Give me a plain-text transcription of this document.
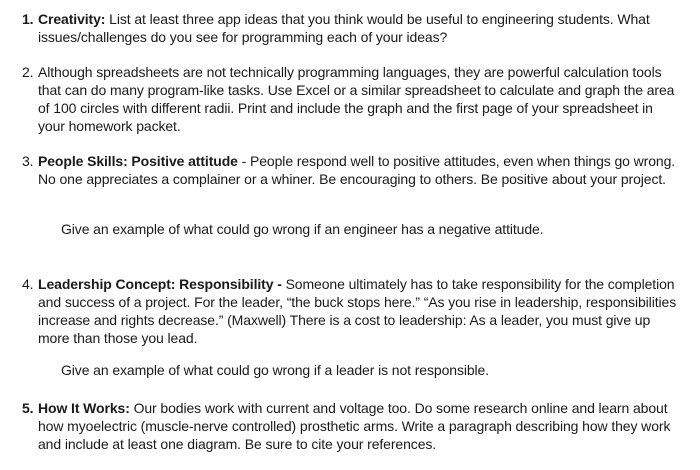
1. Creativity: List at least three app ideas that you think would be useful to engineering students. What issues/challenges do you see for programming each of your ideas?
2. Although spreadsheets are not technically programming languages, they are powerful calculation tools that can do many program-like tasks. Use Excel or a similar spreadsheet to calculate and graph the area of 100 circles with different radii. Print and include the graph and the first page of your spreadsheet in your homework packet.
3. People Skills: Positive attitude - People respond well to positive attitudes, even when things go wrong. No one appreciates a complainer or a whiner. Be encouraging to others. Be positive about your project.
Give an example of what could go wrong if an engineer has a negative attitude.
4. Leadership Concept: Responsibility - Someone ultimately has to take responsibility for the completion and success of a project. For the leader, “the buck stops here.” “As you rise in leadership, responsibilities increase and rights decrease.” (Maxwell) There is a cost to leadership: As a leader, you must give up more than those you lead.
Give an example of what could go wrong if a leader is not responsible.
5. How It Works: Our bodies work with current and voltage too. Do some research online and learn about how myoelectric (muscle-nerve controlled) prosthetic arms. Write a paragraph describing how they work and include at least one diagram. Be sure to cite your references.
